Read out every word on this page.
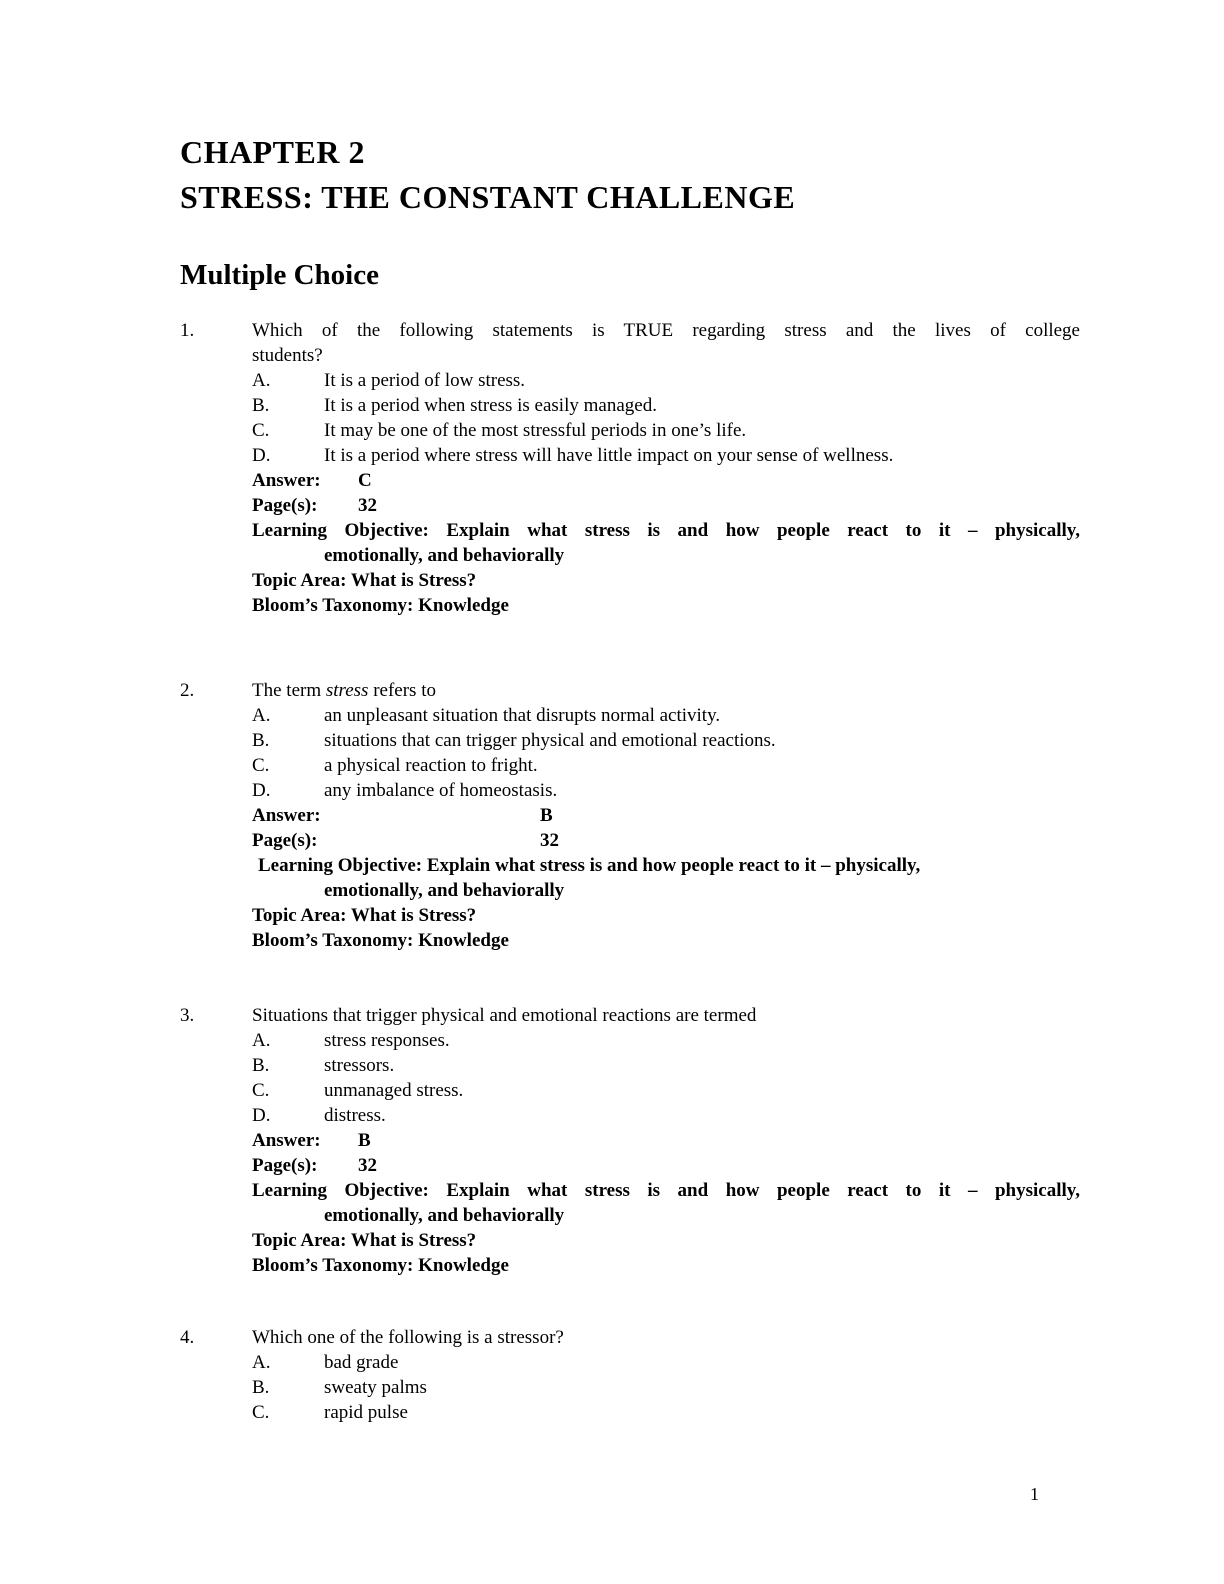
CHAPTER 2
STRESS: THE CONSTANT CHALLENGE
Multiple Choice
1.	Which of the following statements is TRUE regarding stress and the lives of college
students?
A.	It is a period of low stress.
B.	It is a period when stress is easily managed.
C.	It may be one of the most stressful periods in one’s life.
D.	It is a period where stress will have little impact on your sense of wellness.
Answer:	C
Page(s):	32
Learning Objective: Explain what stress is and how people react to it – physically,
emotionally, and behaviorally
Topic Area: What is Stress?
Bloom’s Taxonomy: Knowledge
2.	The term stress refers to
A.	an unpleasant situation that disrupts normal activity.
B.	situations that can trigger physical and emotional reactions.
C.	a physical reaction to fright.
D.	any imbalance of homeostasis.
Answer:	B
Page(s):	32
Learning Objective: Explain what stress is and how people react to it – physically,
emotionally, and behaviorally
Topic Area: What is Stress?
Bloom’s Taxonomy: Knowledge
3.	Situations that trigger physical and emotional reactions are termed
A.	stress responses.
B.	stressors.
C.	unmanaged stress.
D.	distress.
Answer:	B
Page(s):	32
Learning Objective: Explain what stress is and how people react to it – physically,
emotionally, and behaviorally
Topic Area: What is Stress?
Bloom’s Taxonomy: Knowledge
4.	Which one of the following is a stressor?
A.	bad grade
B.	sweaty palms
C.	rapid pulse
1
